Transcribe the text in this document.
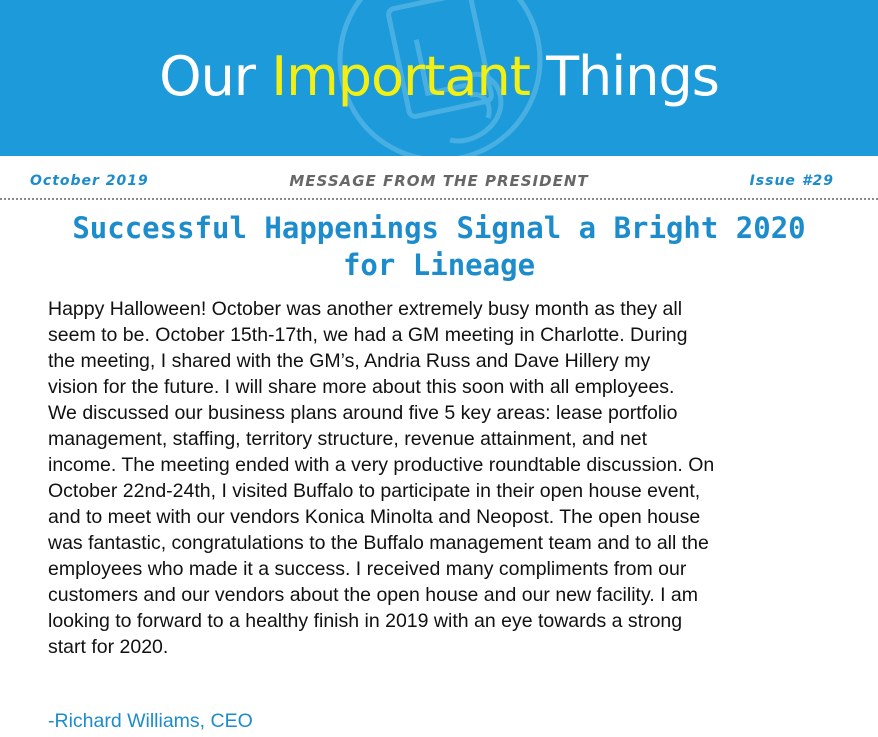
Our Important Things
October 2019	MESSAGE FROM THE PRESIDENT	Issue #29
Successful Happenings Signal a Bright 2020
for Lineage

Happy Halloween! October was another extremely busy month as they all
seem to be. October 15th-17th, we had a GM meeting in Charlotte. During
the meeting, I shared with the GM’s, Andria Russ and Dave Hillery my
vision for the future. I will share more about this soon with all employees.
We discussed our business plans around five 5 key areas: lease portfolio
management, staffing, territory structure, revenue attainment, and net
income. The meeting ended with a very productive roundtable discussion. On
October 22nd-24th, I visited Buffalo to participate in their open house event,
and to meet with our vendors Konica Minolta and Neopost. The open house
was fantastic, congratulations to the Buffalo management team and to all the
employees who made it a success. I received many compliments from our
customers and our vendors about the open house and our new facility. I am
looking to forward to a healthy finish in 2019 with an eye towards a strong
start for 2020.

-Richard Williams, CEO
